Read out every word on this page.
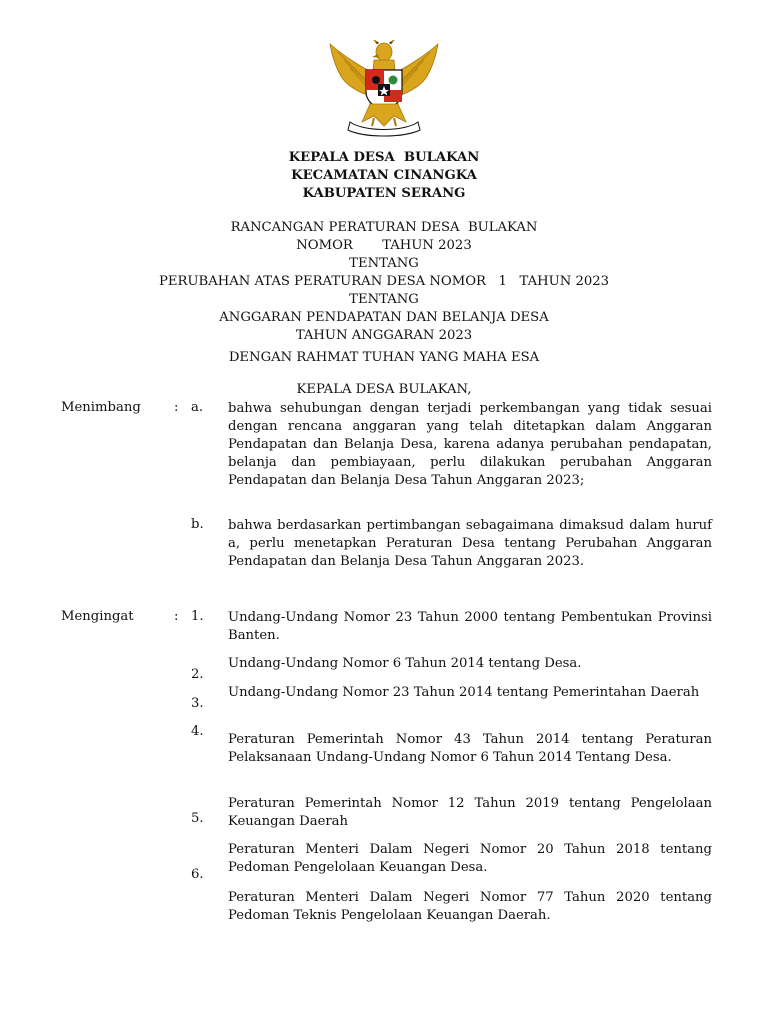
KEPALA DESA  BULAKAN
KECAMATAN CINANGKA
KABUPATEN SERANG
RANCANGAN PERATURAN DESA  BULAKAN
NOMOR       TAHUN 2023
TENTANG
PERUBAHAN ATAS PERATURAN DESA NOMOR   1   TAHUN 2023
TENTANG
ANGGARAN PENDAPATAN DAN BELANJA DESA
TAHUN ANGGARAN 2023
DENGAN RAHMAT TUHAN YANG MAHA ESA
KEPALA DESA BULAKAN,
Menimbang	: a. bahwa sehubungan dengan terjadi perkembangan yang tidak sesuai dengan rencana anggaran yang telah ditetapkan dalam Anggaran Pendapatan dan Belanja Desa, karena adanya perubahan pendapatan, belanja dan pembiayaan, perlu dilakukan perubahan Anggaran Pendapatan dan Belanja Desa Tahun Anggaran 2023;
b. bahwa berdasarkan pertimbangan sebagaimana dimaksud dalam huruf a, perlu menetapkan Peraturan Desa tentang Perubahan Anggaran Pendapatan dan Belanja Desa Tahun Anggaran 2023.
Mengingat	: 1.
2.
3.
4.
5.
6.
Undang-Undang Nomor 23 Tahun 2000 tentang Pembentukan Provinsi Banten.
Undang-Undang Nomor 6 Tahun 2014 tentang Desa.
Undang-Undang Nomor 23 Tahun 2014 tentang Pemerintahan Daerah
Peraturan Pemerintah Nomor 43 Tahun 2014 tentang Peraturan Pelaksanaan Undang-Undang Nomor 6 Tahun 2014 Tentang Desa.
Peraturan Pemerintah Nomor 12 Tahun 2019 tentang Pengelolaan Keuangan Daerah
Peraturan Menteri Dalam Negeri Nomor 20 Tahun 2018 tentang Pedoman Pengelolaan Keuangan Desa.
Peraturan Menteri Dalam Negeri Nomor 77 Tahun 2020 tentang Pedoman Teknis Pengelolaan Keuangan Daerah.
